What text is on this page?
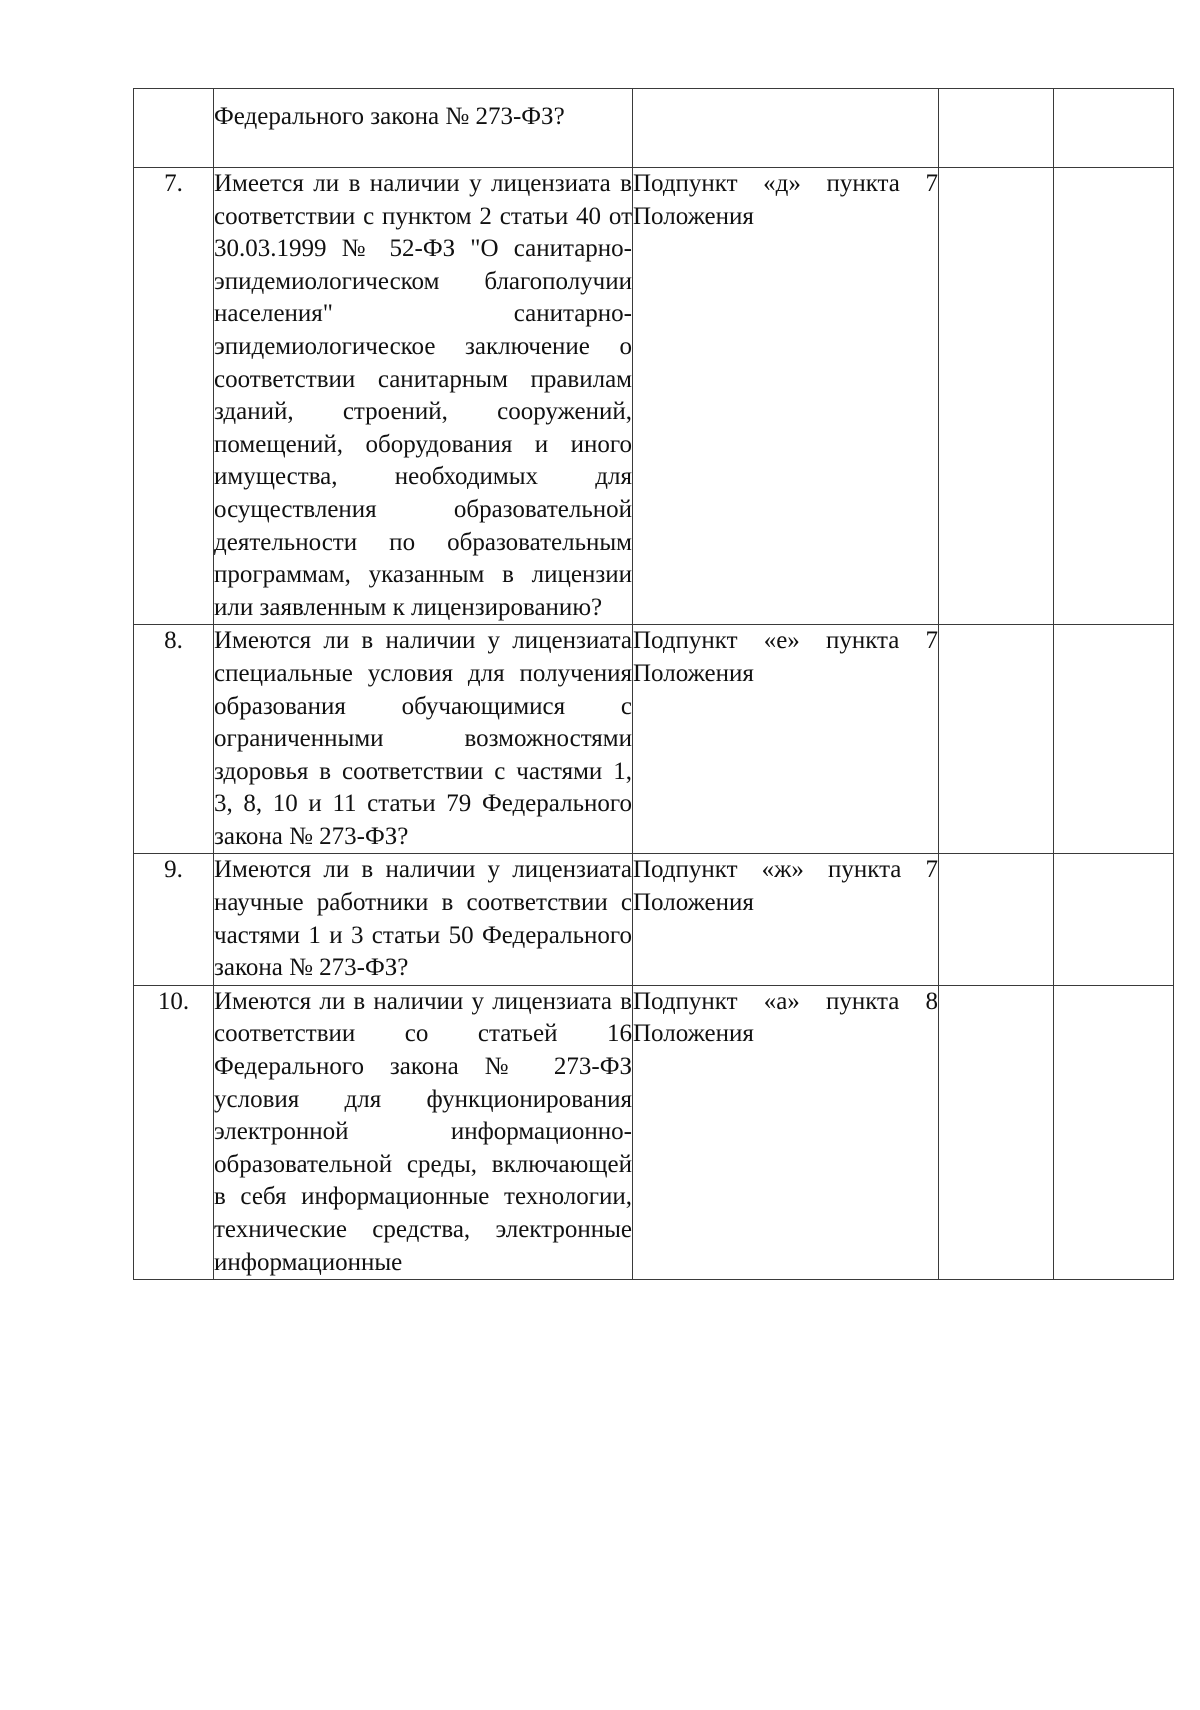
	Федерального закона № 273-ФЗ?			
7.	Имеется ли в наличии у лицензиата в соответствии с пунктом 2 статьи 40 от 30.03.1999 № 52-ФЗ "О санитарно-эпидемиологическом благополучии населения" санитарно-эпидемиологическое заключение о соответствии санитарным правилам зданий, строений, сооружений, помещений, оборудования и иного имущества, необходимых для осуществления образовательной деятельности по образовательным программам, указанным в лицензии или заявленным к лицензированию?	Подпункт «д» пункта 7 Положения		
8.	Имеются ли в наличии у лицензиата специальные условия для получения образования обучающимися с ограниченными возможностями здоровья в соответствии с частями 1, 3, 8, 10 и 11 статьи 79 Федерального закона № 273-ФЗ?	Подпункт «е» пункта 7 Положения		
9.	Имеются ли в наличии у лицензиата научные работники в соответствии с частями 1 и 3 статьи 50 Федерального закона № 273-ФЗ?	Подпункт «ж» пункта 7 Положения		
10.	Имеются ли в наличии у лицензиата в соответствии со статьей 16 Федерального закона № 273-ФЗ условия для функционирования электронной информационно-образовательной среды, включающей в себя информационные технологии, технические средства, электронные информационные	Подпункт «а» пункта 8 Положения		
